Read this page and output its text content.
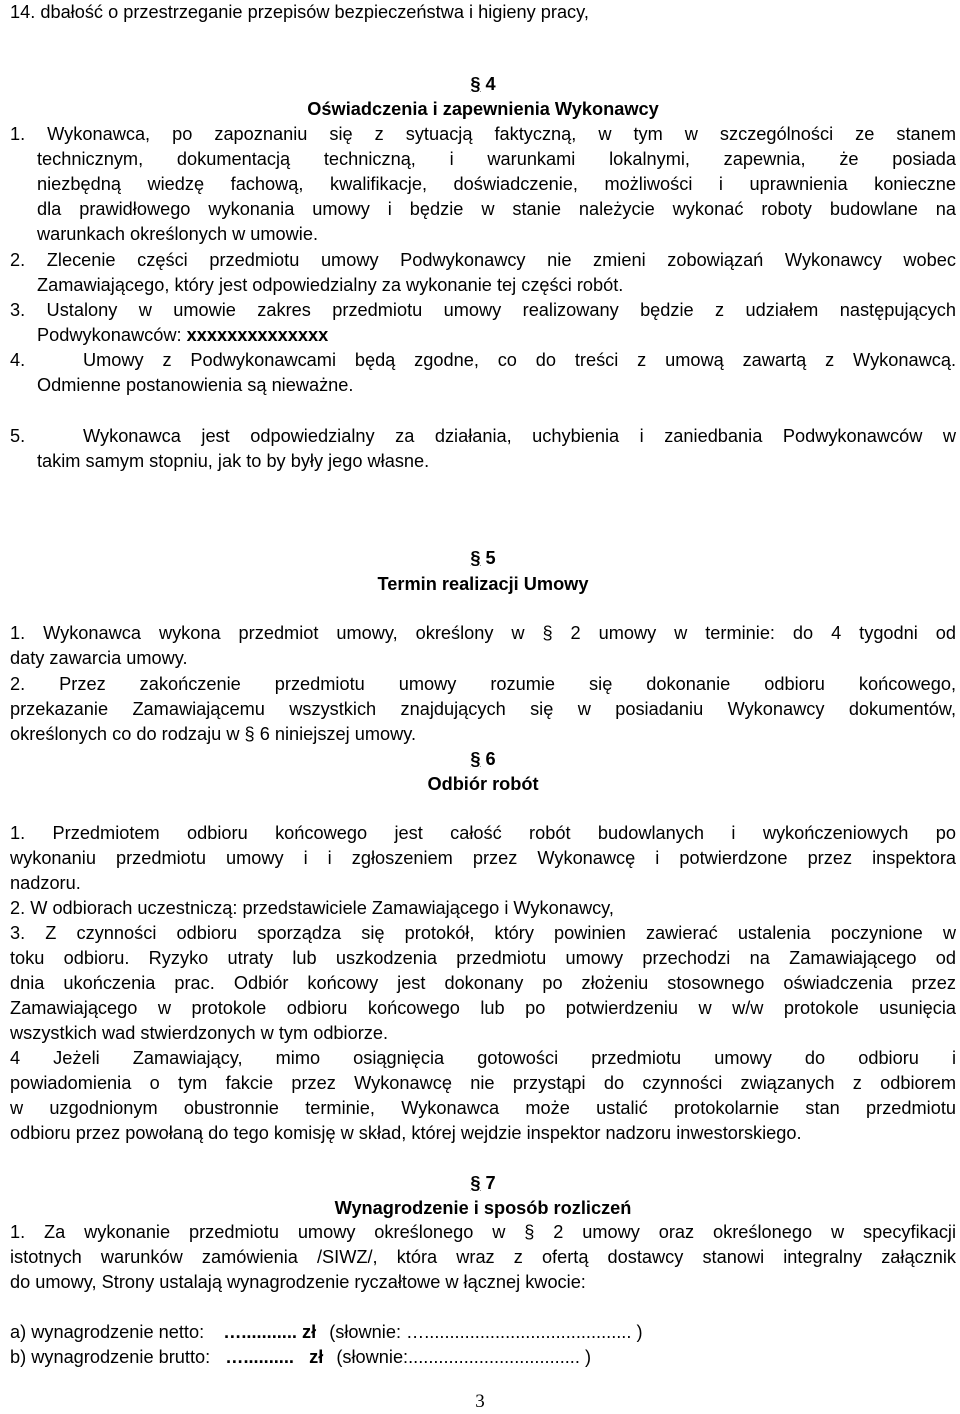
14. dbałość o przestrzeganie przepisów bezpieczeństwa i higieny pracy,
§ 4
Oświadczenia i zapewnienia Wykonawcy
1. Wykonawca, po zapoznaniu się z sytuacją faktyczną, w tym w szczególności ze stanem
technicznym, dokumentacją techniczną, i warunkami lokalnymi, zapewnia, że posiada
niezbędną wiedzę fachową, kwalifikacje, doświadczenie, możliwości i uprawnienia konieczne
dla prawidłowego wykonania umowy i będzie w stanie należycie wykonać roboty budowlane na
warunkach określonych w umowie.
2. Zlecenie części przedmiotu umowy Podwykonawcy nie zmieni zobowiązań Wykonawcy wobec
Zamawiającego, który jest odpowiedzialny za wykonanie tej części robót.
3. Ustalony w umowie zakres przedmiotu umowy realizowany będzie z udziałem następujących
Podwykonawców: xxxxxxxxxxxxxx
4.	Umowy z Podwykonawcami będą zgodne, co do treści z umową zawartą z Wykonawcą.
Odmienne postanowienia są nieważne.
5.	Wykonawca jest odpowiedzialny za działania, uchybienia i zaniedbania Podwykonawców w
takim samym stopniu, jak to by były jego własne.
§ 5
Termin realizacji Umowy
1. Wykonawca wykona przedmiot umowy, określony w § 2 umowy w terminie: do 4 tygodni od
daty zawarcia umowy.
2. Przez zakończenie przedmiotu umowy rozumie się dokonanie odbioru końcowego,
przekazanie Zamawiającemu wszystkich znajdujących się w posiadaniu Wykonawcy dokumentów,
określonych co do rodzaju w § 6 niniejszej umowy.
§ 6
Odbiór robót
1. Przedmiotem odbioru końcowego jest całość robót budowlanych i wykończeniowych po
wykonaniu przedmiotu umowy i i zgłoszeniem przez Wykonawcę i potwierdzone przez inspektora
nadzoru.
2. W odbiorach uczestniczą: przedstawiciele Zamawiającego i Wykonawcy,
3. Z czynności odbioru sporządza się protokół, który powinien zawierać ustalenia poczynione w
toku odbioru. Ryzyko utraty lub uszkodzenia przedmiotu umowy przechodzi na Zamawiającego od
dnia ukończenia prac. Odbiór końcowy jest dokonany po złożeniu stosownego oświadczenia przez
Zamawiającego w protokole odbioru końcowego lub po potwierdzeniu w w/w protokole usunięcia
wszystkich wad stwierdzonych w tym odbiorze.
4 Jeżeli Zamawiający, mimo osiągnięcia gotowości przedmiotu umowy do odbioru i
powiadomienia o tym fakcie przez Wykonawcę nie przystąpi do czynności związanych z odbiorem
w uzgodnionym obustronnie terminie, Wykonawca może ustalić protokolarnie stan przedmiotu
odbioru przez powołaną do tego komisję w skład, której wejdzie inspektor nadzoru inwestorskiego.
§ 7
Wynagrodzenie i sposób rozliczeń
1. Za wykonanie przedmiotu umowy określonego w § 2 umowy oraz określonego w specyfikacji
istotnych warunków zamówienia /SIWZ/, która wraz z ofertą dostawcy stanowi integralny załącznik
do umowy, Strony ustalają wynagrodzenie ryczałtowe w łącznej kwocie:
a) wynagrodzenie netto: …........... zł (słownie: …......................................... )
b) wynagrodzenie brutto: …..........   zł (słownie:.................................. )
3
